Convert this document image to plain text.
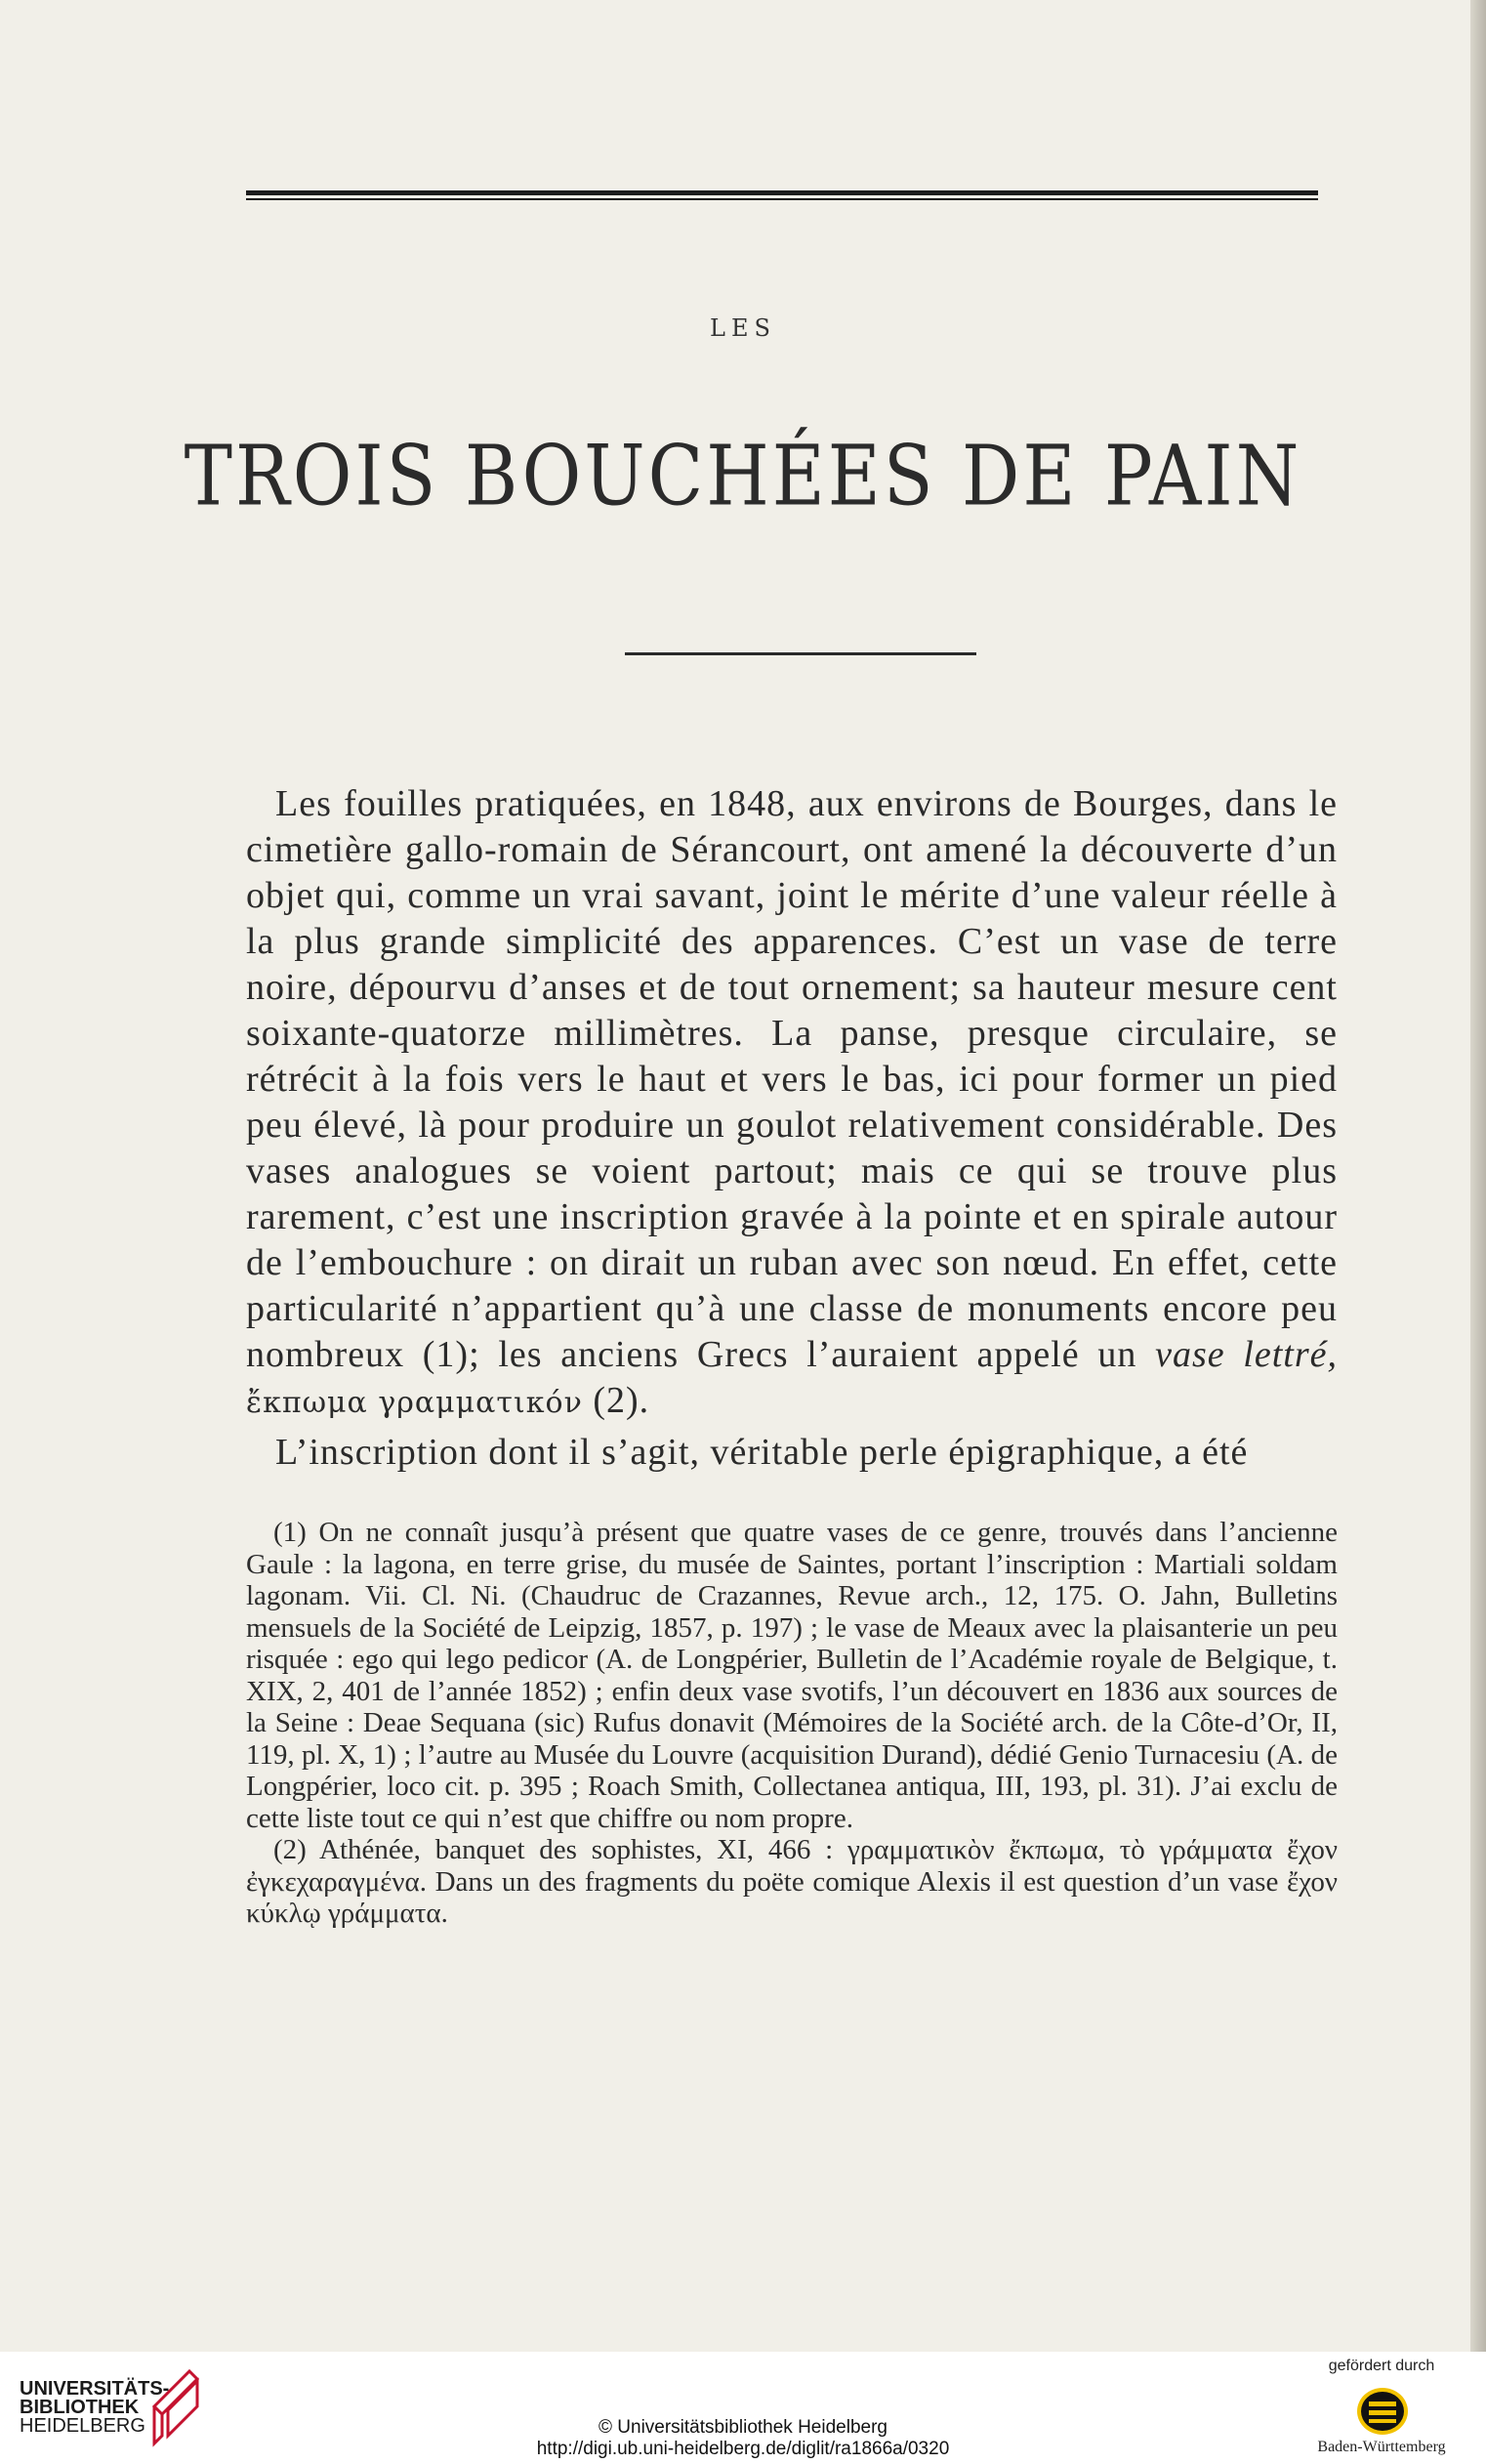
LES
TROIS BOUCHÉES DE PAIN

Les fouilles pratiquées, en 1848, aux environs de Bourges, dans le cimetière gallo-romain de Sérancourt, ont amené la découverte d’un objet qui, comme un vrai savant, joint le mérite d’une valeur réelle à la plus grande simplicité des apparences. C’est un vase de terre noire, dépourvu d’anses et de tout ornement; sa hauteur mesure cent soixante-quatorze millimètres. La panse, presque circulaire, se rétrécit à la fois vers le haut et vers le bas, ici pour former un pied peu élevé, là pour produire un goulot relativement considérable. Des vases analogues se voient partout; mais ce qui se trouve plus rarement, c’est une inscription gravée à la pointe et en spirale autour de l’embouchure : on dirait un ruban avec son nœud. En effet, cette particularité n’appartient qu’à une classe de monuments encore peu nombreux (1); les anciens Grecs l’auraient appelé un vase lettré, ἔκπωμα γραμματικόν (2).

L’inscription dont il s’agit, véritable perle épigraphique, a été

(1) On ne connaît jusqu’à présent que quatre vases de ce genre, trouvés dans l’ancienne Gaule : la lagona, en terre grise, du musée de Saintes, portant l’inscription : Martiali soldam lagonam. Vii. Cl. Ni. (Chaudruc de Crazannes, Revue arch., 12, 175. O. Jahn, Bulletins mensuels de la Société de Leipzig, 1857, p. 197) ; le vase de Meaux avec la plaisanterie un peu risquée : ego qui lego pedicor (A. de Longpérier, Bulletin de l’Académie royale de Belgique, t. XIX, 2, 401 de l’année 1852) ; enfin deux vase svotifs, l’un découvert en 1836 aux sources de la Seine : Deae Sequana (sic) Rufus donavit (Mémoires de la Société arch. de la Côte-d’Or, II, 119, pl. X, 1) ; l’autre au Musée du Louvre (acquisition Durand), dédié Genio Turnacesiu (A. de Longpérier, loco cit. p. 395 ; Roach Smith, Collectanea antiqua, III, 193, pl. 31). J’ai exclu de cette liste tout ce qui n’est que chiffre ou nom propre.

(2) Athénée, banquet des sophistes, XI, 466 : γραμματικὸν ἔκπωμα, τὸ γράμματα ἔχον ἐγκεχαραγμένα. Dans un des fragments du poëte comique Alexis il est question d’un vase ἔχον κύκλῳ γράμματα.

UNIVERSITÄTS-
BIBLIOTHEK
HEIDELBERG	© Universitätsbibliothek Heidelberg
http://digi.ub.uni-heidelberg.de/diglit/ra1866a/0320
gefördert durch
Baden-Württemberg
